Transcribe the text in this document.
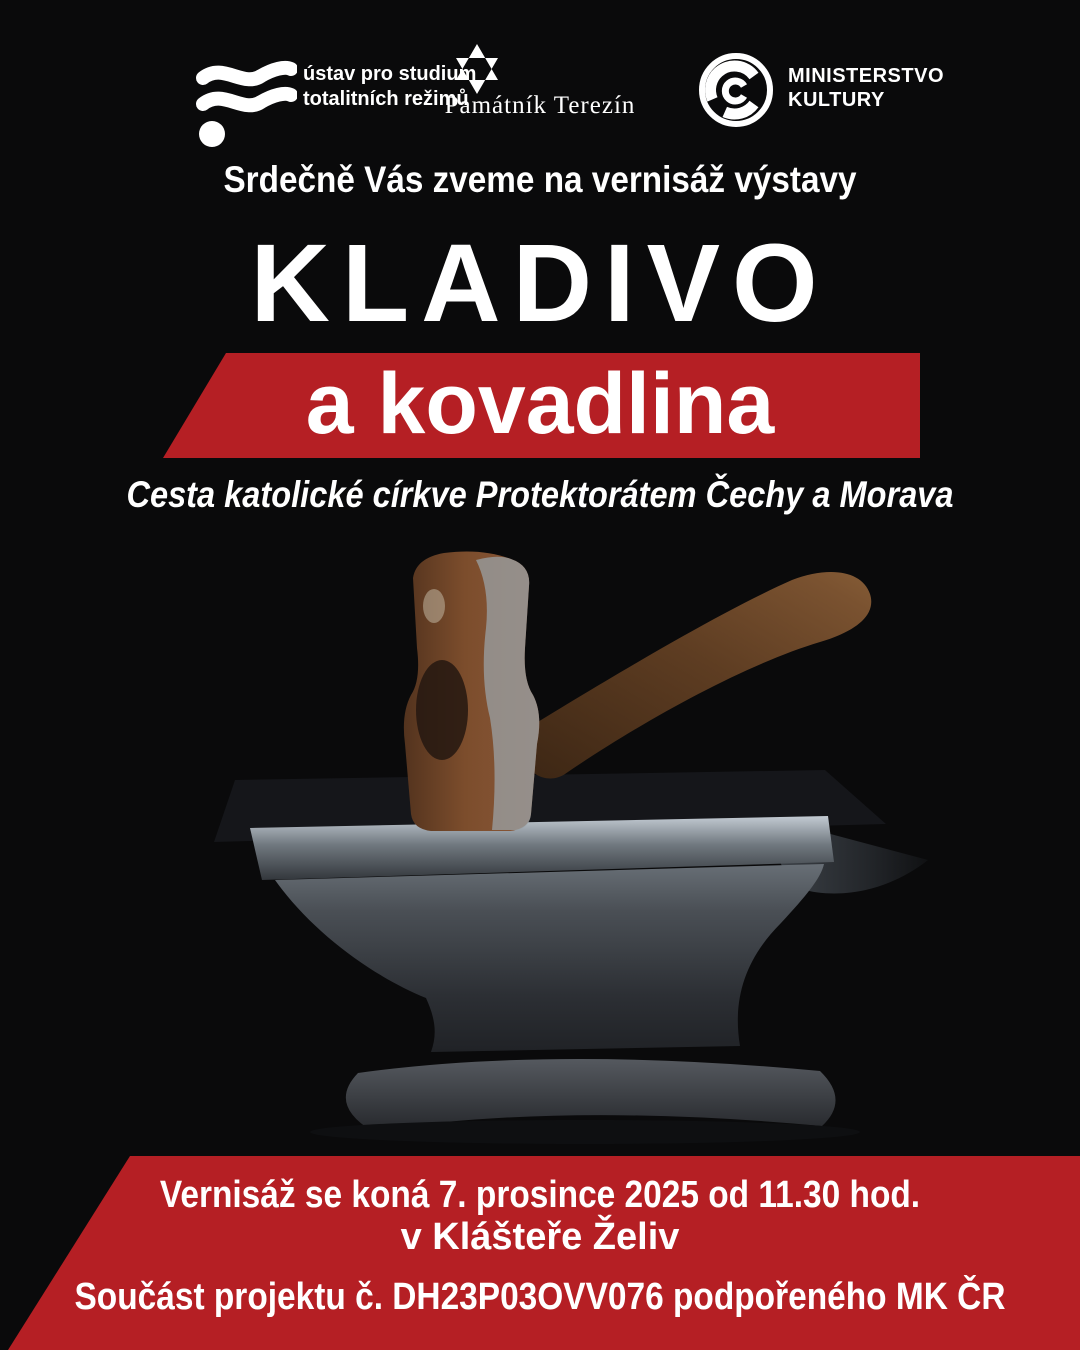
ústav pro studium
totalitních režimů
Památník Terezín
MINISTERSTVO
KULTURY
Srdečně Vás zveme na vernisáž výstavy
KLADIVO
a kovadlina
Cesta katolické církve Protektorátem Čechy a Morava
Vernisáž se koná 7. prosince 2025 od 11.30 hod.
v Klášteře Želiv
Součást projektu č. DH23P03OVV076 podpořeného MK ČR
